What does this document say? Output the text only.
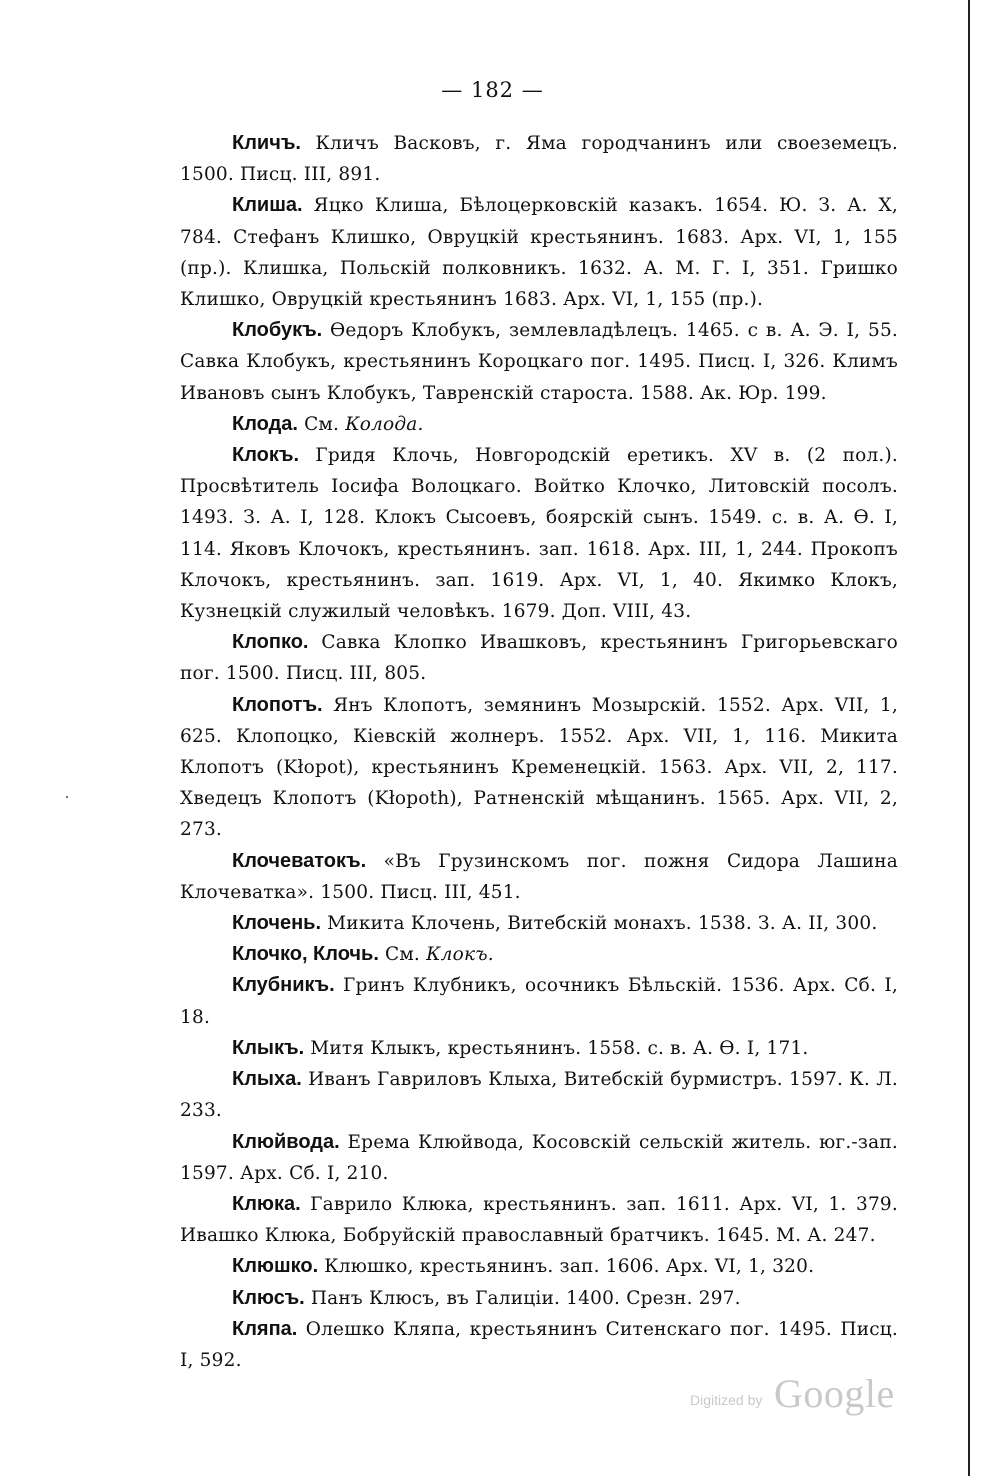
— 182 —

Кличъ. Кличъ Васковъ, г. Яма городчанинъ или своеземецъ. 1500. Писц. III, 891.

Клиша. Яцко Клиша, Бѣлоцерковскій казакъ. 1654. Ю. З. А. X, 784. Стефанъ Клишко, Овруцкій крестьянинъ. 1683. Арх. VI, 1, 155 (пр.). Клишка, Польскій полковникъ. 1632. А. М. Г. I, 351. Гришко Клишко, Овруцкій крестьянинъ 1683. Арх. VI, 1, 155 (пр.).

Клобукъ. Ѳедоръ Клобукъ, землевладѣлецъ. 1465. с в. А. Э. I, 55. Савка Клобукъ, крестьянинъ Короцкаго пог. 1495. Писц. I, 326. Климъ Ивановъ сынъ Клобукъ, Тавренскій староста. 1588. Ак. Юр. 199.

Клода. См. Колода.

Клокъ. Гридя Клочь, Новгородскій еретикъ. XV в. (2 пол.). Просвѣтитель Іосифа Волоцкаго. Войтко Клочко, Литовскій посолъ. 1493. З. А. I, 128. Клокъ Сысоевъ, боярскій сынъ. 1549. с. в. А. Ѳ. I, 114. Яковъ Клочокъ, крестьянинъ. зап. 1618. Арх. III, 1, 244. Прокопъ Клочокъ, крестьянинъ. зап. 1619. Арх. VI, 1, 40. Якимко Клокъ, Кузнецкій служилый человѣкъ. 1679. Доп. VIII, 43.

Клопко. Савка Клопко Ивашковъ, крестьянинъ Григорьевскаго пог. 1500. Писц. III, 805.

Клопотъ. Янъ Клопотъ, земянинъ Мозырскій. 1552. Арх. VII, 1, 625. Клопоцко, Кіевскій жолнеръ. 1552. Арх. VII, 1, 116. Микита Клопотъ (Kłopot), крестьянинъ Кременецкій. 1563. Арх. VII, 2, 117. Хведецъ Клопотъ (Kłopoth), Ратненскій мѣщанинъ. 1565. Арх. VII, 2, 273.

Клочеватокъ. «Въ Грузинскомъ пог. пожня Сидора Лашина Клочеватка». 1500. Писц. III, 451.

Клочень. Микита Клочень, Витебскій монахъ. 1538. З. А. II, 300.

Клочко, Клочь. См. Клокъ.

Клубникъ. Гринъ Клубникъ, осочникъ Бѣльскій. 1536. Арх. Сб. I, 18.

Клыкъ. Митя Клыкъ, крестьянинъ. 1558. с. в. А. Ѳ. I, 171.

Клыха. Иванъ Гавриловъ Клыха, Витебскій бурмистръ. 1597. К. Л. 233.

Клюйвода. Ерема Клюйвода, Косовскій сельскій житель. юг.-зап. 1597. Арх. Сб. I, 210.

Клюка. Гаврило Клюка, крестьянинъ. зап. 1611. Арх. VI, 1. 379. Ивашко Клюка, Бобруйскій православный братчикъ. 1645. М. А. 247.

Клюшко. Клюшко, крестьянинъ. зап. 1606. Арх. VI, 1, 320.

Клюсъ. Панъ Клюсъ, въ Галиціи. 1400. Срезн. 297.

Кляпа. Олешко Кляпа, крестьянинъ Ситенскаго пог. 1495. Писц. I, 592.

Digitized by Google
